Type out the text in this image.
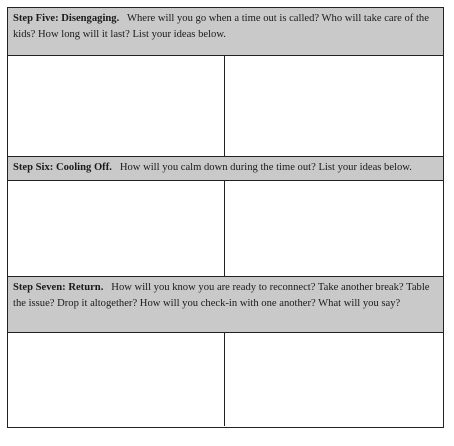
Step Five: Disengaging.   Where will you go when a time out is called? Who will take care of the kids? How long will it last? List your ideas below.
Step Six: Cooling Off.   How will you calm down during the time out? List your ideas below.
Step Seven: Return.   How will you know you are ready to reconnect? Take another break? Table the issue? Drop it altogether? How will you check-in with one another? What will you say?
